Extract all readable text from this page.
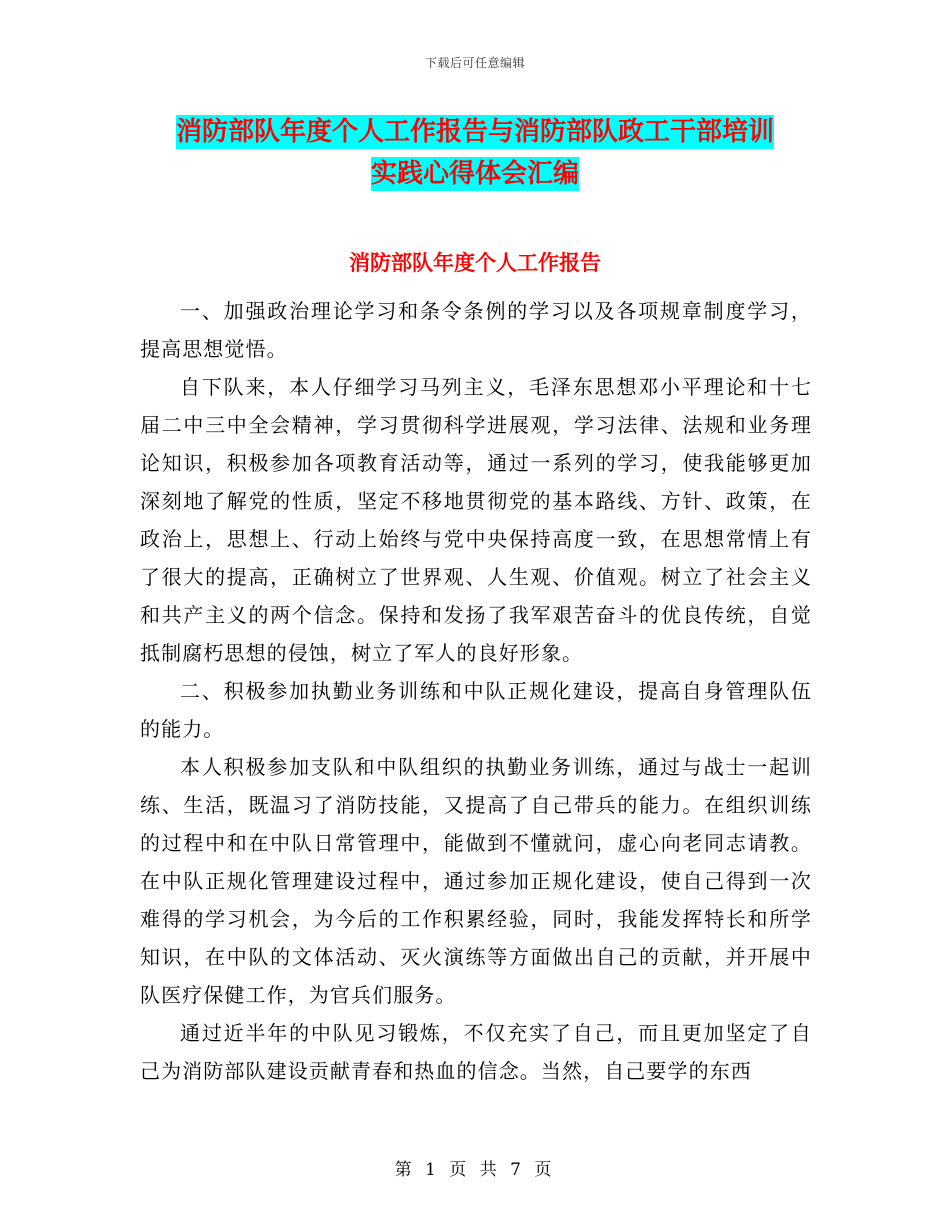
下载后可任意编辑
消防部队年度个人工作报告与消防部队政工干部培训
实践心得体会汇编
消防部队年度个人工作报告

一、加强政治理论学习和条令条例的学习以及各项规章制度学习，提高思想觉悟。

自下队来，本人仔细学习马列主义，毛泽东思想邓小平理论和十七届二中三中全会精神，学习贯彻科学进展观，学习法律、法规和业务理论知识，积极参加各项教育活动等，通过一系列的学习，使我能够更加深刻地了解党的性质，坚定不移地贯彻党的基本路线、方针、政策，在政治上，思想上、行动上始终与党中央保持高度一致，在思想常情上有了很大的提高，正确树立了世界观、人生观、价值观。树立了社会主义和共产主义的两个信念。保持和发扬了我军艰苦奋斗的优良传统，自觉抵制腐朽思想的侵蚀，树立了军人的良好形象。

二、积极参加执勤业务训练和中队正规化建设，提高自身管理队伍的能力。

本人积极参加支队和中队组织的执勤业务训练，通过与战士一起训练、生活，既温习了消防技能，又提高了自己带兵的能力。在组织训练的过程中和在中队日常管理中，能做到不懂就问，虚心向老同志请教。在中队正规化管理建设过程中，通过参加正规化建设，使自己得到一次难得的学习机会，为今后的工作积累经验，同时，我能发挥特长和所学知识，在中队的文体活动、灭火演练等方面做出自己的贡献，并开展中队医疗保健工作，为官兵们服务。

通过近半年的中队见习锻炼，不仅充实了自己，而且更加坚定了自己为消防部队建设贡献青春和热血的信念。当然，自己要学的东西

第 1 页 共 7 页
